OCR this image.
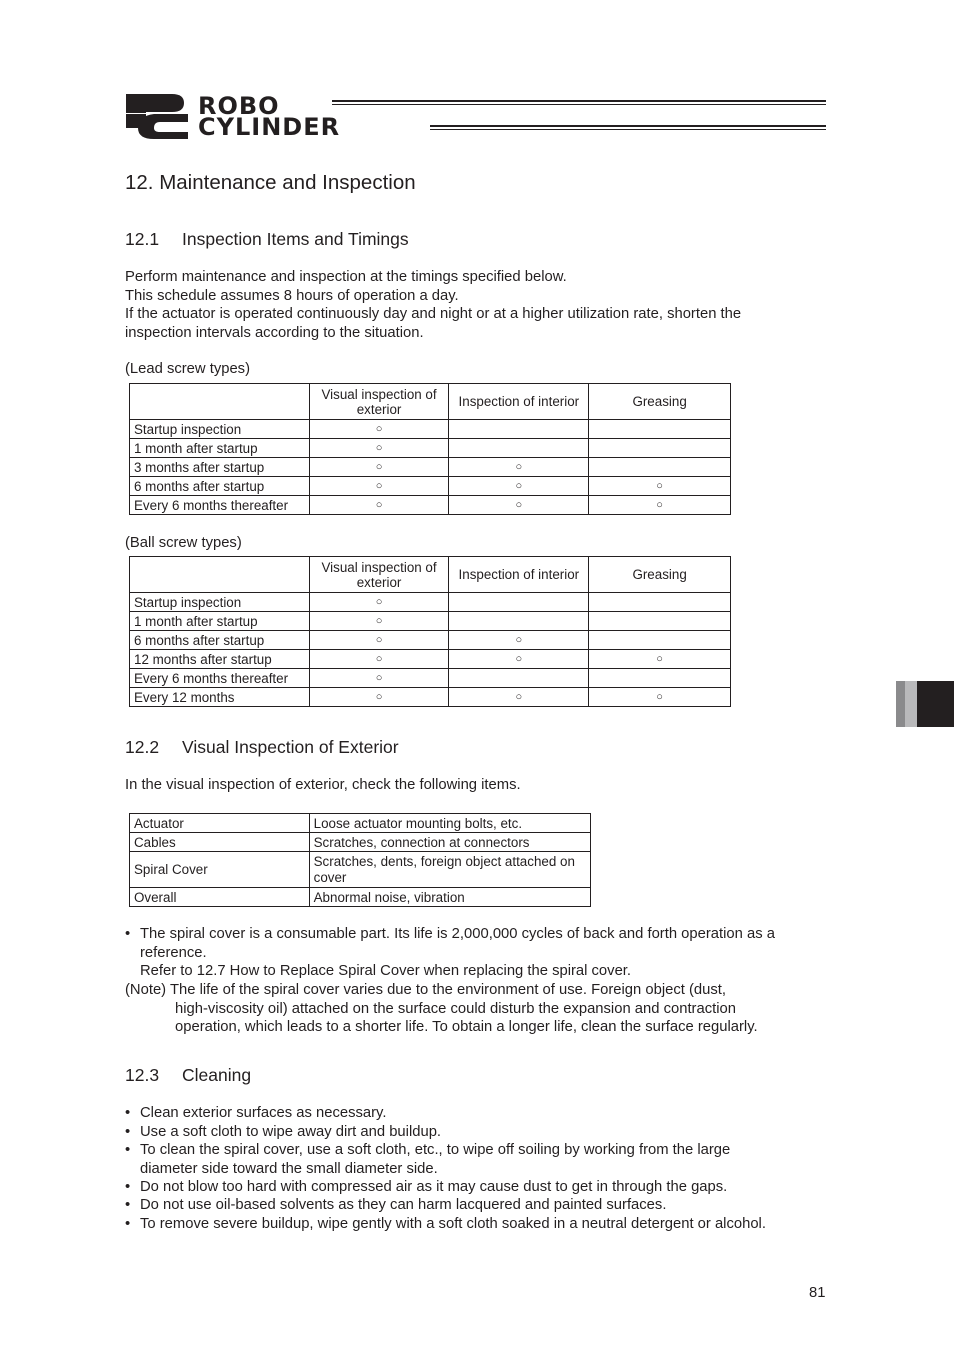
ROBO
CYLINDER
12. Maintenance and Inspection
12.1 Inspection Items and Timings
Perform maintenance and inspection at the timings specified below.
This schedule assumes 8 hours of operation a day.
If the actuator is operated continuously day and night or at a higher utilization rate, shorten the
inspection intervals according to the situation.
(Lead screw types)
	Visual inspection of exterior	Inspection of interior	Greasing
Startup inspection	○		
1 month after startup	○		
3 months after startup	○	○	
6 months after startup	○	○	○
Every 6 months thereafter	○	○	○
(Ball screw types)
	Visual inspection of exterior	Inspection of interior	Greasing
Startup inspection	○		
1 month after startup	○		
6 months after startup	○	○	
12 months after startup	○	○	○
Every 6 months thereafter	○		
Every 12 months	○	○	○
12.2 Visual Inspection of Exterior
In the visual inspection of exterior, check the following items.
Actuator	Loose actuator mounting bolts, etc.
Cables	Scratches, connection at connectors
Spiral Cover	Scratches, dents, foreign object attached on cover
Overall	Abnormal noise, vibration
• The spiral cover is a consumable part. Its life is 2,000,000 cycles of back and forth operation as a
reference.
Refer to 12.7 How to Replace Spiral Cover when replacing the spiral cover.
(Note) The life of the spiral cover varies due to the environment of use. Foreign object (dust,
high-viscosity oil) attached on the surface could disturb the expansion and contraction
operation, which leads to a shorter life. To obtain a longer life, clean the surface regularly.
12.3 Cleaning
• Clean exterior surfaces as necessary.
• Use a soft cloth to wipe away dirt and buildup.
• To clean the spiral cover, use a soft cloth, etc., to wipe off soiling by working from the large
diameter side toward the small diameter side.
• Do not blow too hard with compressed air as it may cause dust to get in through the gaps.
• Do not use oil-based solvents as they can harm lacquered and painted surfaces.
• To remove severe buildup, wipe gently with a soft cloth soaked in a neutral detergent or alcohol.
81
